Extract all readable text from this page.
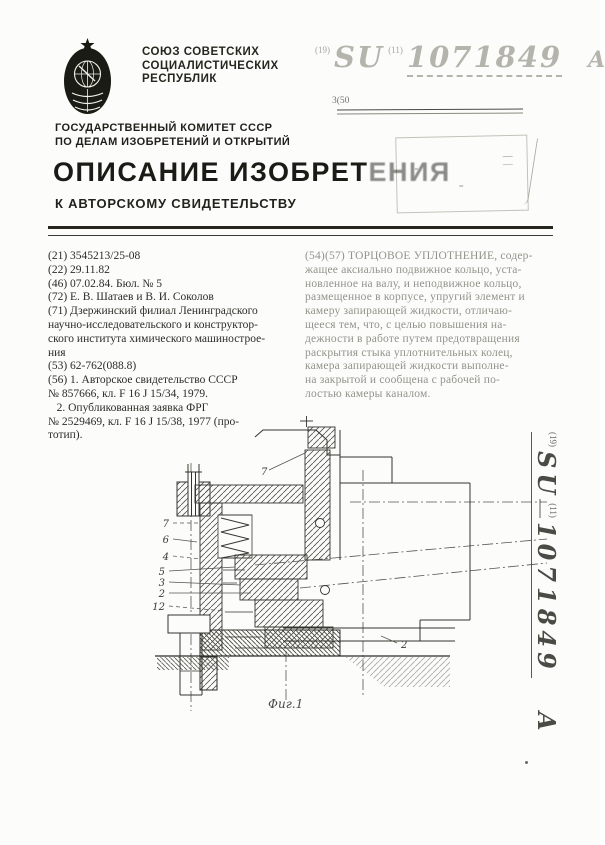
СОЮЗ СОВЕТСКИХ
СОЦИАЛИСТИЧЕСКИХ
РЕСПУБЛИК
ГОСУДАРСТВЕННЫЙ КОМИТЕТ СССР
ПО ДЕЛАМ ИЗОБРЕТЕНИЙ И ОТКРЫТИЙ
$^{(19)}$ SU $^{(11)}$ 1071849 A
3(50
ОПИСАНИЕ ИЗОБРЕТЕНИЯ
К АВТОРСКОМУ СВИДЕТЕЛЬСТВУ
(21) 3545213/25-08
(22) 29.11.82
(46) 07.02.84. Бюл. № 5
(72) Е. В. Шатаев и В. И. Соколов
(71) Дзержинский филиал Ленинградского
научно-исследовательского и конструктор-
ского института химического машинострое-
ния
(53) 62-762(088.8)
(56) 1. Авторское свидетельство СССР
№ 857666, кл. F 16 J 15/34, 1979.
2. Опубликованная заявка ФРГ
№ 2529469, кл. F 16 J 15/38, 1977 (про-
тотип).
(54)(57) ТОРЦОВОЕ УПЛОТНЕНИЕ, содер-
жащее аксиально подвижное кольцо, уста-
новленное на валу, и неподвижное кольцо,
размещенное в корпусе, упругий элемент и
камеру запирающей жидкости, отличаю-
щееся тем, что, с целью повышения на-
дежности в работе путем предотвращения
раскрытия стыка уплотнительных колец,
камера запирающей жидкости выполне-
на закрытой и сообщена с рабочей по-
лостью камеры каналом.
7
7
6
4
5
3
2
12
2
Фиг.1
$^{(19)}$ SU $^{(11)}$ 1071849 A
